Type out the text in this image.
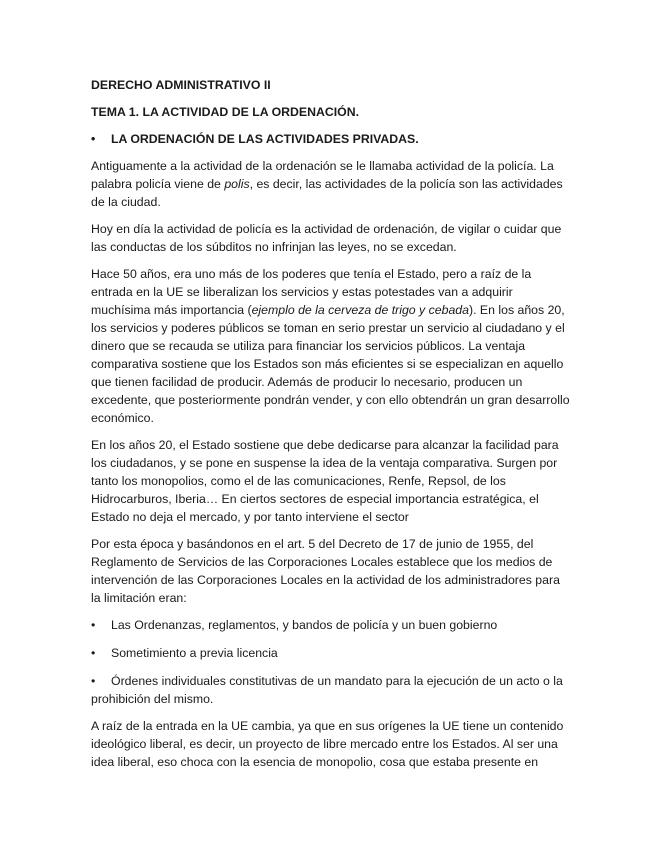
DERECHO ADMINISTRATIVO II
TEMA 1. LA ACTIVIDAD DE LA ORDENACIÓN.
•
LA ORDENACIÓN DE LAS ACTIVIDADES PRIVADAS.

Antiguamente a la actividad de la ordenación se le llamaba actividad de la policía. La palabra policía viene de polis, es decir, las actividades de la policía son las actividades de la ciudad.

Hoy en día la actividad de policía es la actividad de ordenación, de vigilar o cuidar que las conductas de los súbditos no infrinjan las leyes, no se excedan.

Hace 50 años, era uno más de los poderes que tenía el Estado, pero a raíz de la entrada en la UE se liberalizan los servicios y estas potestades van a adquirir muchísima más importancia (ejemplo de la cerveza de trigo y cebada). En los años 20, los servicios y poderes públicos se toman en serio prestar un servicio al ciudadano y el dinero que se recauda se utiliza para financiar los servicios públicos. La ventaja comparativa sostiene que los Estados son más eficientes si se especializan en aquello que tienen facilidad de producir. Además de producir lo necesario, producen un excedente, que posteriormente pondrán vender, y con ello obtendrán un gran desarrollo económico.

En los años 20, el Estado sostiene que debe dedicarse para alcanzar la facilidad para los ciudadanos, y se pone en suspense la idea de la ventaja comparativa. Surgen por tanto los monopolios, como el de las comunicaciones, Renfe, Repsol, de los Hidrocarburos, Iberia… En ciertos sectores de especial importancia estratégica, el Estado no deja el mercado, y por tanto interviene el sector

Por esta época y basándonos en el art. 5 del Decreto de 17 de junio de 1955, del Reglamento de Servicios de las Corporaciones Locales establece que los medios de intervención de las Corporaciones Locales en la actividad de los administradores para la limitación eran:

•
Las Ordenanzas, reglamentos, y bandos de policía y un buen gobierno
•
Sometimiento a previa licencia
•Órdenes individuales constitutivas de un mandato para la ejecución de un acto o la prohibición del mismo.

A raíz de la entrada en la UE cambia, ya que en sus orígenes la UE tiene un contenido ideológico liberal, es decir, un proyecto de libre mercado entre los Estados. Al ser una idea liberal, eso choca con la esencia de monopolio, cosa que estaba presente en
